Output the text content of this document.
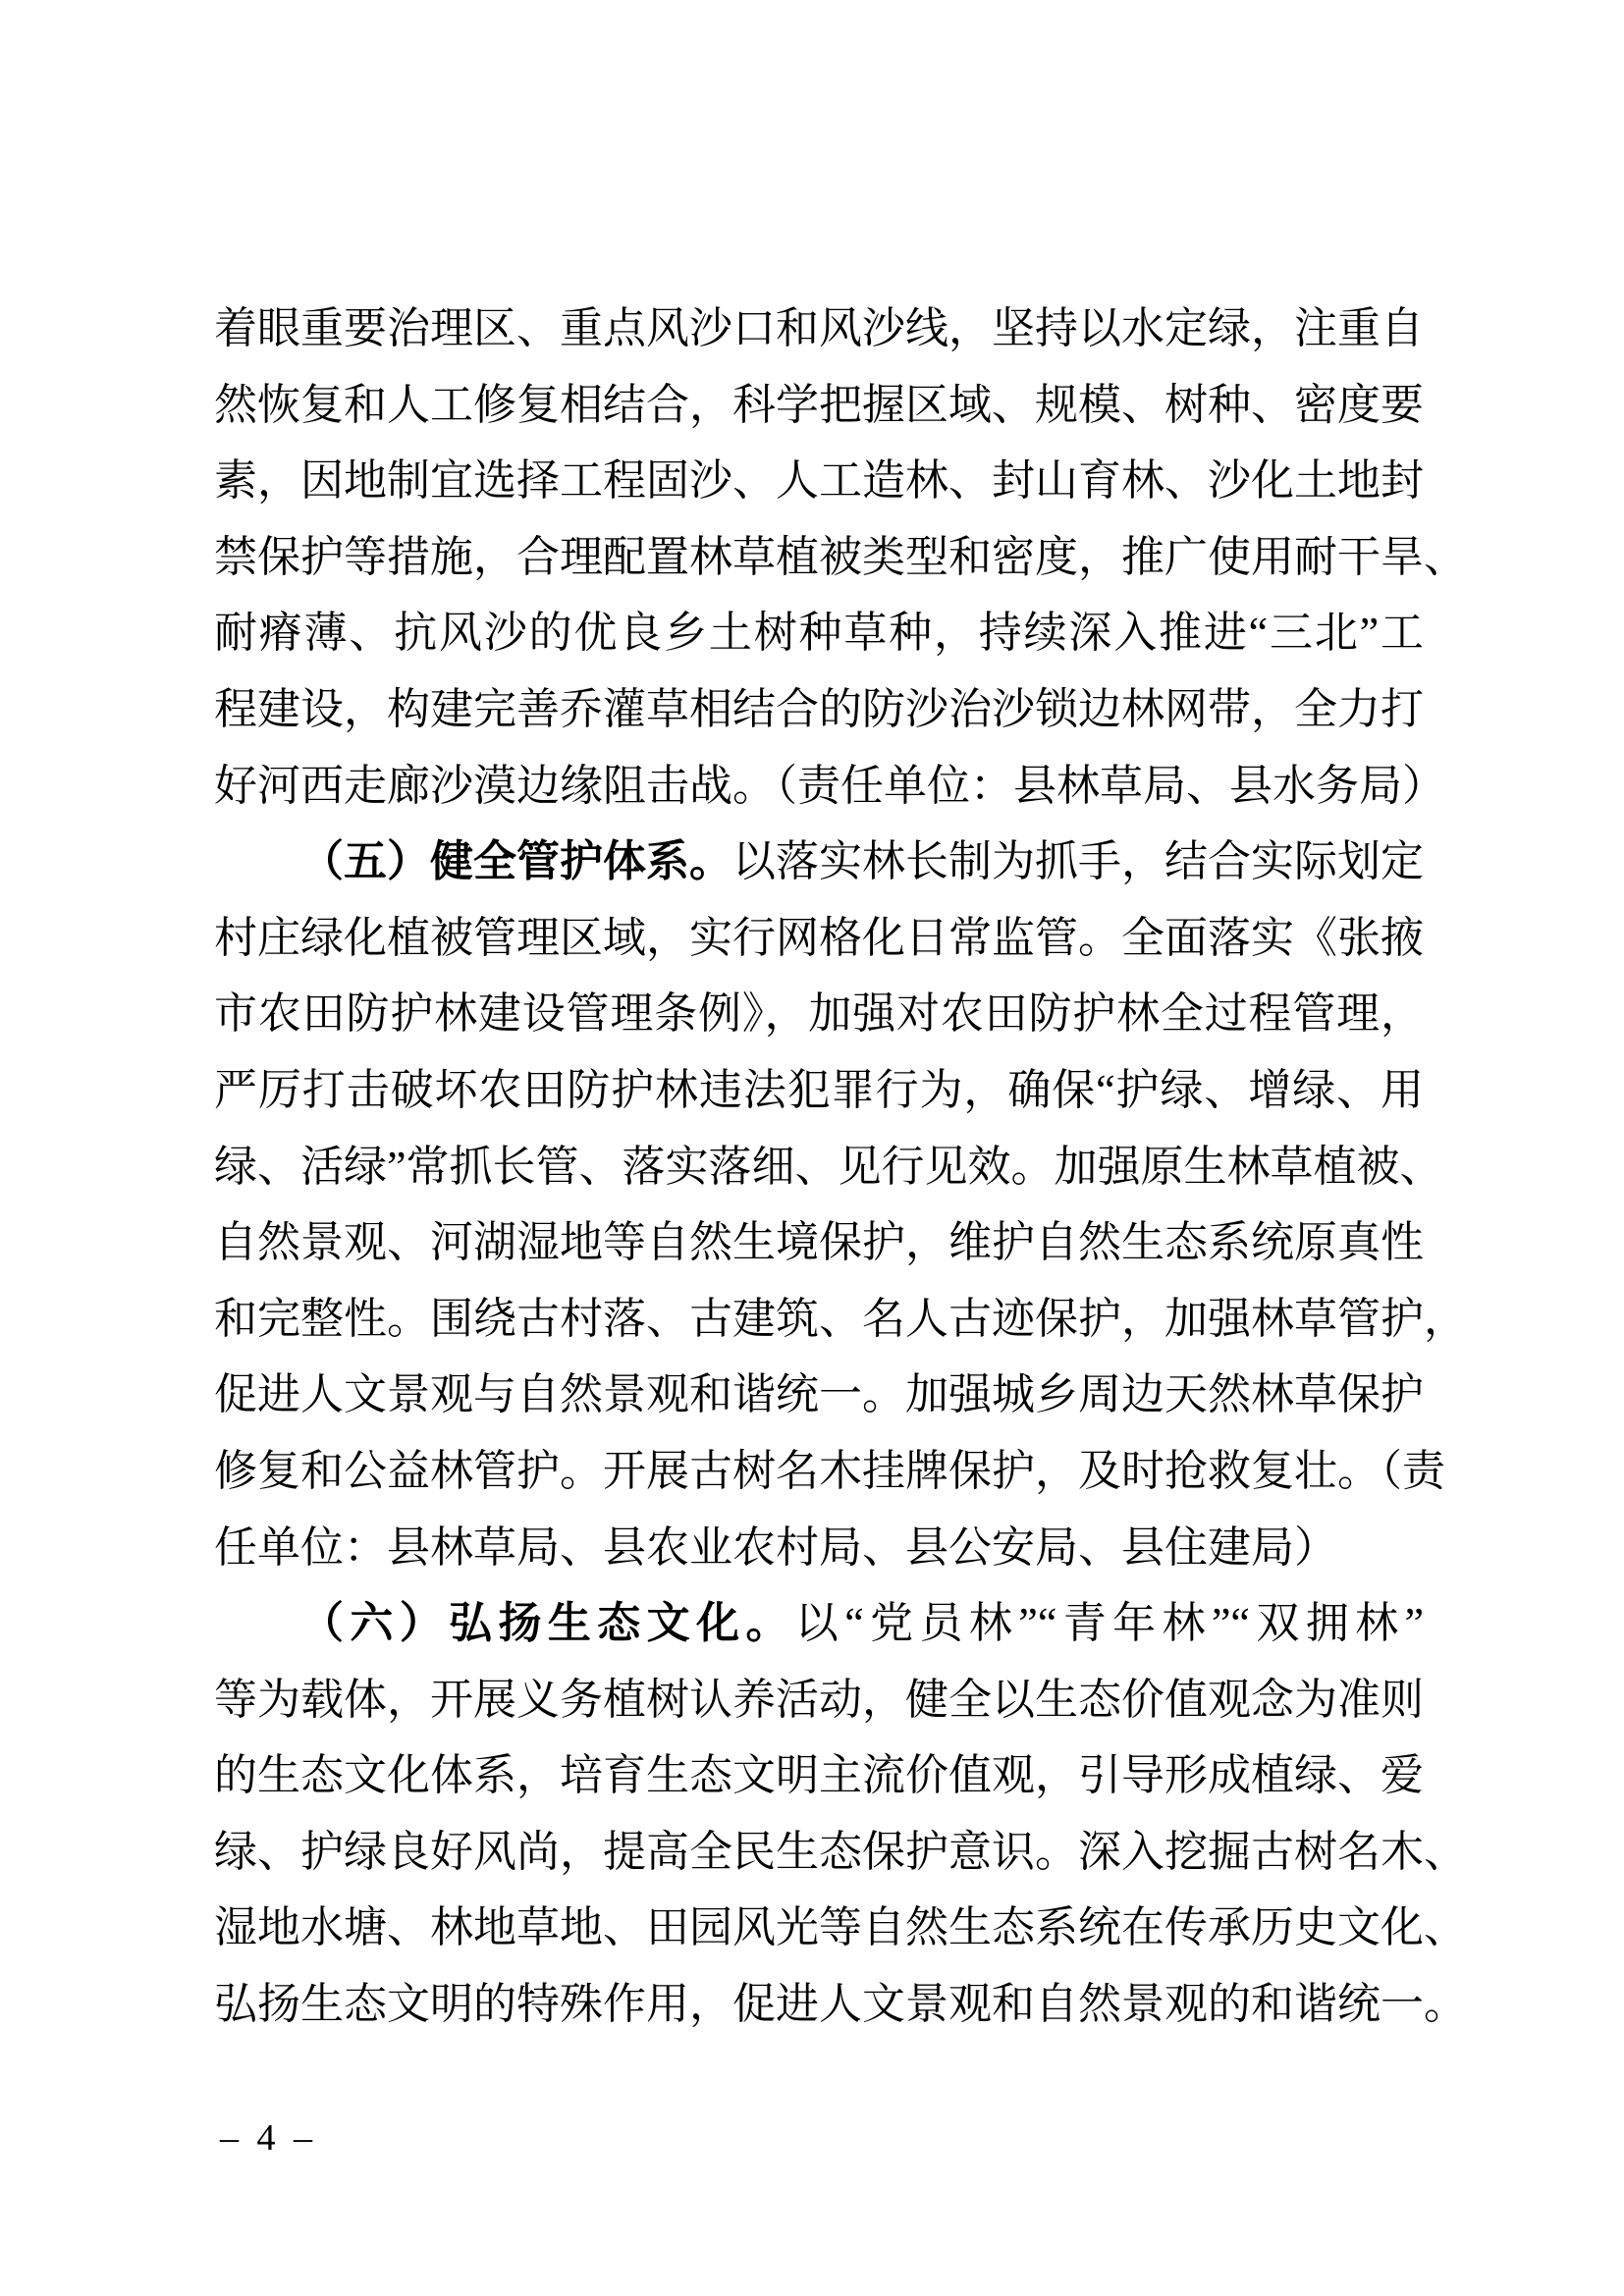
着眼重要治理区、重点风沙口和风沙线，坚持以水定绿，注重自
然恢复和人工修复相结合，科学把握区域、规模、树种、密度要
素，因地制宜选择工程固沙、人工造林、封山育林、沙化土地封
禁保护等措施，合理配置林草植被类型和密度，推广使用耐干旱、
耐瘠薄、抗风沙的优良乡土树种草种，持续深入推进“三北”工
程建设，构建完善乔灌草相结合的防沙治沙锁边林网带，全力打
好河西走廊沙漠边缘阻击战。（责任单位：县林草局、县水务局）
（五）健全管护体系。以落实林长制为抓手，结合实际划定
村庄绿化植被管理区域，实行网格化日常监管。全面落实《张掖
市农田防护林建设管理条例》，加强对农田防护林全过程管理，
严厉打击破坏农田防护林违法犯罪行为，确保“护绿、增绿、用
绿、活绿”常抓长管、落实落细、见行见效。加强原生林草植被、
自然景观、河湖湿地等自然生境保护，维护自然生态系统原真性
和完整性。围绕古村落、古建筑、名人古迹保护，加强林草管护，
促进人文景观与自然景观和谐统一。加强城乡周边天然林草保护
修复和公益林管护。开展古树名木挂牌保护，及时抢救复壮。（责
任单位：县林草局、县农业农村局、县公安局、县住建局）
（六）弘扬生态文化。以“党员林”“青年林”“双拥林”
等为载体，开展义务植树认养活动，健全以生态价值观念为准则
的生态文化体系，培育生态文明主流价值观，引导形成植绿、爱
绿、护绿良好风尚，提高全民生态保护意识。深入挖掘古树名木、
湿地水塘、林地草地、田园风光等自然生态系统在传承历史文化、
弘扬生态文明的特殊作用，促进人文景观和自然景观的和谐统一。
– 4 –
